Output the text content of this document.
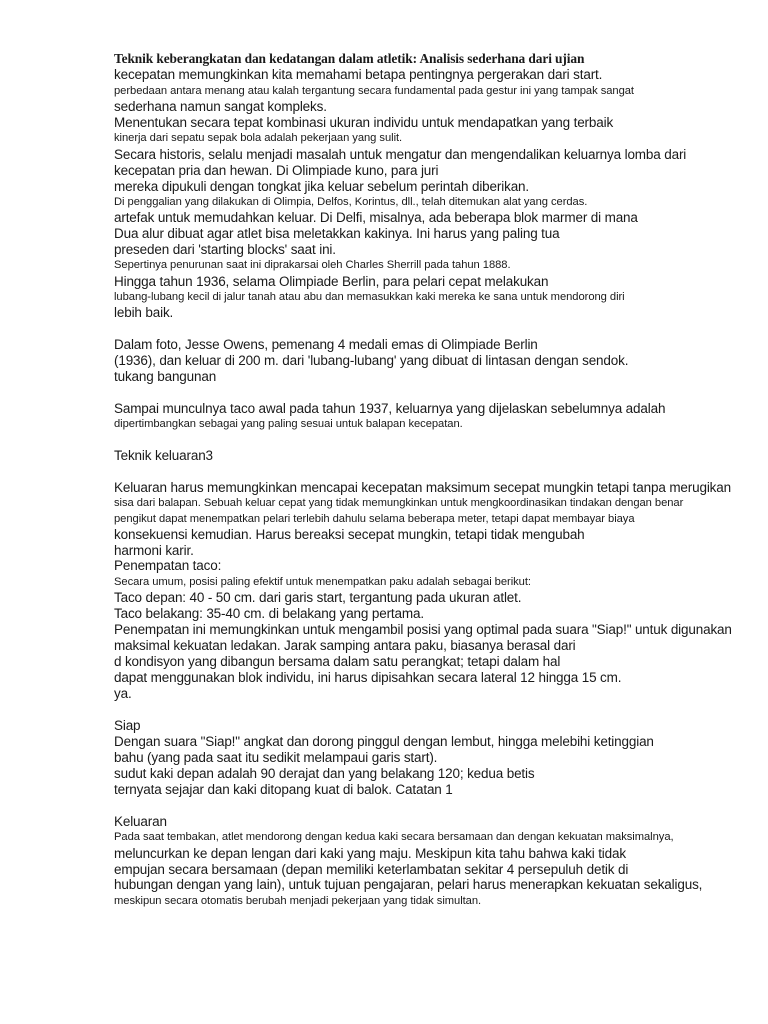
Teknik keberangkatan dan kedatangan dalam atletik: Analisis sederhana dari ujian

kecepatan memungkinkan kita memahami betapa pentingnya pergerakan dari start.

perbedaan antara menang atau kalah tergantung secara fundamental pada gestur ini yang tampak sangat

sederhana namun sangat kompleks.

Menentukan secara tepat kombinasi ukuran individu untuk mendapatkan yang terbaik

kinerja dari sepatu sepak bola adalah pekerjaan yang sulit.

Secara historis, selalu menjadi masalah untuk mengatur dan mengendalikan keluarnya lomba dari

kecepatan pria dan hewan. Di Olimpiade kuno, para juri

mereka dipukuli dengan tongkat jika keluar sebelum perintah diberikan.

Di penggalian yang dilakukan di Olimpia, Delfos, Korintus, dll., telah ditemukan alat yang cerdas.

artefak untuk memudahkan keluar. Di Delfi, misalnya, ada beberapa blok marmer di mana

Dua alur dibuat agar atlet bisa meletakkan kakinya. Ini harus yang paling tua

preseden dari 'starting blocks' saat ini.

Sepertinya penurunan saat ini diprakarsai oleh Charles Sherrill pada tahun 1888.

Hingga tahun 1936, selama Olimpiade Berlin, para pelari cepat melakukan

lubang-lubang kecil di jalur tanah atau abu dan memasukkan kaki mereka ke sana untuk mendorong diri

lebih baik.

Dalam foto, Jesse Owens, pemenang 4 medali emas di Olimpiade Berlin

(1936), dan keluar di 200 m. dari 'lubang-lubang' yang dibuat di lintasan dengan sendok.

tukang bangunan

Sampai munculnya taco awal pada tahun 1937, keluarnya yang dijelaskan sebelumnya adalah

dipertimbangkan sebagai yang paling sesuai untuk balapan kecepatan.

Teknik keluaran3

Keluaran harus memungkinkan mencapai kecepatan maksimum secepat mungkin tetapi tanpa merugikan

sisa dari balapan. Sebuah keluar cepat yang tidak memungkinkan untuk mengkoordinasikan tindakan dengan benar

pengikut dapat menempatkan pelari terlebih dahulu selama beberapa meter, tetapi dapat membayar biaya

konsekuensi kemudian. Harus bereaksi secepat mungkin, tetapi tidak mengubah

harmoni karir.

Penempatan taco:

Secara umum, posisi paling efektif untuk menempatkan paku adalah sebagai berikut:

Taco depan: 40 - 50 cm. dari garis start, tergantung pada ukuran atlet.

Taco belakang: 35-40 cm. di belakang yang pertama.

Penempatan ini memungkinkan untuk mengambil posisi yang optimal pada suara "Siap!" untuk digunakan

maksimal kekuatan ledakan. Jarak samping antara paku, biasanya berasal dari

d kondisyon yang dibangun bersama dalam satu perangkat; tetapi dalam hal

dapat menggunakan blok individu, ini harus dipisahkan secara lateral 12 hingga 15 cm.

ya.

Siap

Dengan suara "Siap!" angkat dan dorong pinggul dengan lembut, hingga melebihi ketinggian

bahu (yang pada saat itu sedikit melampaui garis start).

sudut kaki depan adalah 90 derajat dan yang belakang 120; kedua betis

ternyata sejajar dan kaki ditopang kuat di balok. Catatan 1

Keluaran

Pada saat tembakan, atlet mendorong dengan kedua kaki secara bersamaan dan dengan kekuatan maksimalnya,

meluncurkan ke depan lengan dari kaki yang maju. Meskipun kita tahu bahwa kaki tidak

empujan secara bersamaan (depan memiliki keterlambatan sekitar 4 persepuluh detik di

hubungan dengan yang lain), untuk tujuan pengajaran, pelari harus menerapkan kekuatan sekaligus,

meskipun secara otomatis berubah menjadi pekerjaan yang tidak simultan.
